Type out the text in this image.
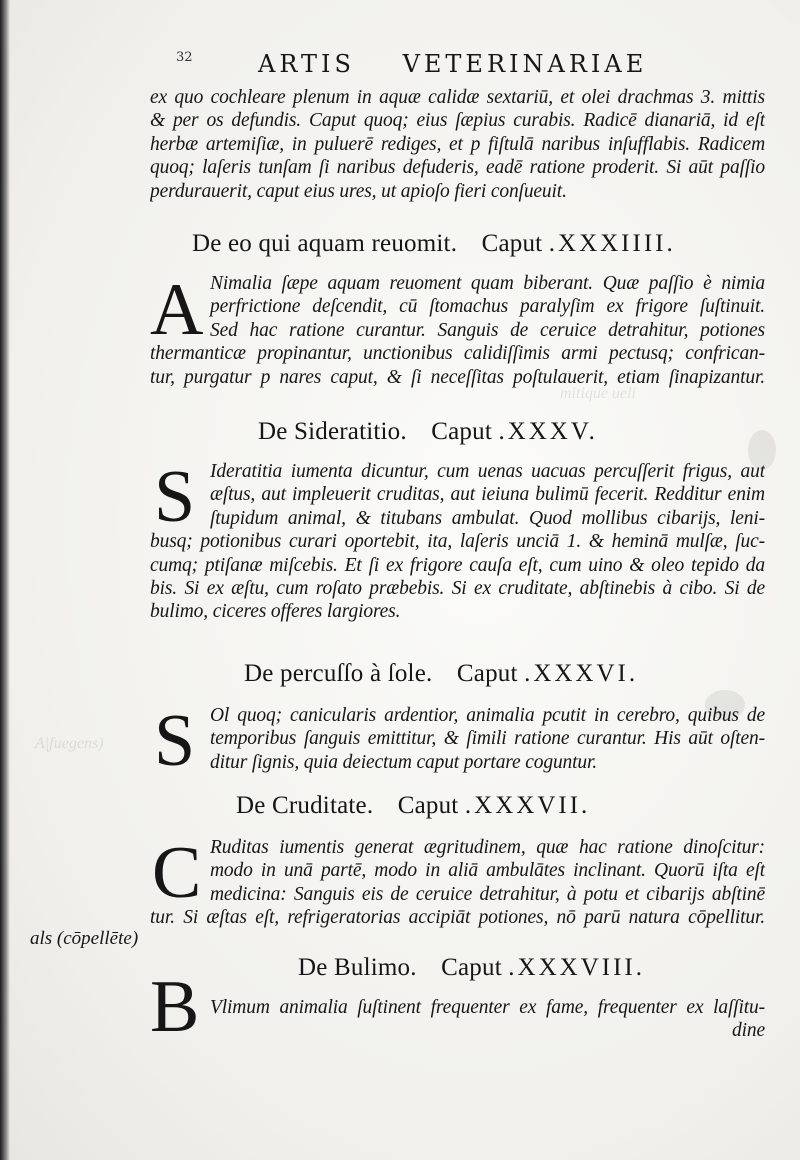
mitique ueli
A|ʃuegens)
32	ARTIS VETERINARIAE
ex quo cochleare plenum in aquæ calidæ sextariū, et olei drachmas 3. mittis
& per os defundis. Caput quoq; eius ſæpius curabis. Radicē dianariā, id eſt
herbæ artemiſiæ, in puluerē rediges, et p fiſtulā naribus inſufflabis. Radicem
quoq; laſeris tunſam ſi naribus defuderis, eadē ratione proderit. Si aūt paſſio
perdurauerit, caput eius ures, ut apioſo fieri conſueuit.
De eo qui aquam reuomit. Caput .XXXIIII.
A Nimalia ſæpe aquam reuoment quam biberant. Quæ paſſio è nimia
perfrictione deſcendit, cū ſtomachus paralyſim ex frigore ſuſtinuit.
Sed hac ratione curantur. Sanguis de ceruice detrahitur, potiones
thermanticæ propinantur, unctionibus calidiſſimis armi pectusq; confrican-
tur, purgatur p nares caput, & ſi neceſſitas poſtulauerit, etiam ſinapizantur.
De Sideratitio. Caput .XXXV.
S Ideratitia iumenta dicuntur, cum uenas uacuas percuſſerit frigus, aut
æſtus, aut impleuerit cruditas, aut ieiuna bulimū fecerit. Redditur enim
ſtupidum animal, & titubans ambulat. Quod mollibus cibarijs, leni-
busq; potionibus curari oportebit, ita, laſeris unciā 1. & heminā mulſæ, ſuc-
cumq; ptiſanæ miſcebis. Et ſi ex frigore cauſa eſt, cum uino & oleo tepido da
bis. Si ex æſtu, cum roſato præbebis. Si ex cruditate, abſtinebis à cibo. Si de
bulimo, ciceres offeres largiores.
De percuſſo à ſole. Caput .XXXVI.
S Ol quoq; canicularis ardentior, animalia pcutit in cerebro, quibus de
temporibus ſanguis emittitur, & ſimili ratione curantur. His aūt oſten-
ditur ſignis, quia deiectum caput portare coguntur.
De Cruditate. Caput .XXXVII.
C Ruditas iumentis generat ægritudinem, quæ hac ratione dinoſcitur:
modo in unā partē, modo in aliā ambulātes inclinant. Quorū iſta eſt
medicina: Sanguis eis de ceruice detrahitur, à potu et cibarijs abſtinē
tur. Si æſtas eſt, refrigeratorias accipiāt potiones, nō parū natura cōpellitur.
als (cōpellēte)
De Bulimo. Caput .XXXVIII.
B Vlimum animalia ſuſtinent frequenter ex fame, frequenter ex laſſitu-
dine
